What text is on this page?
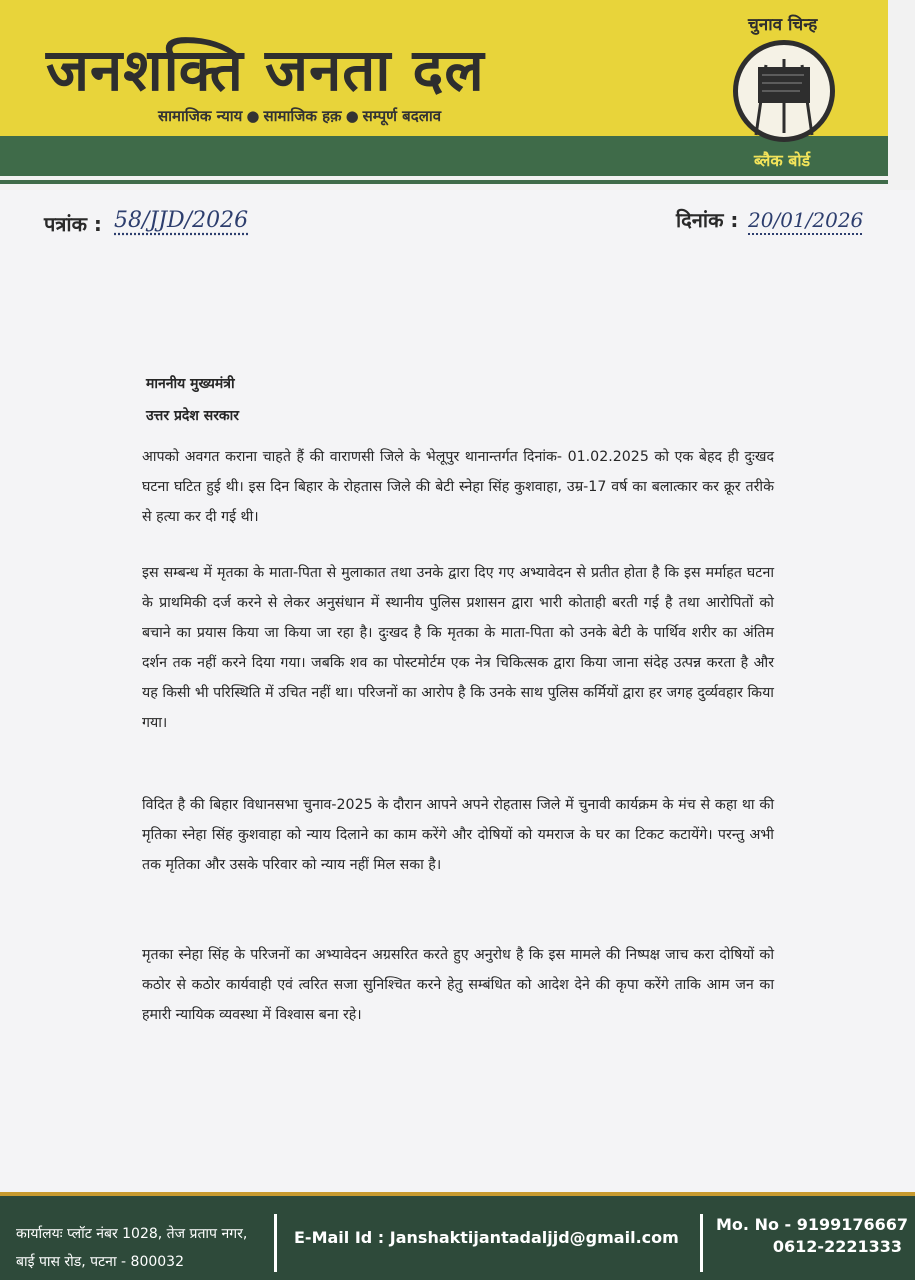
जनशक्ति जनता दल
सामाजिक न्याय ● सामाजिक हक़ ● सम्पूर्ण बदलाव
चुनाव चिन्ह
ब्लैक बोर्ड
पत्रांक : 58/JJD/2026	दिनांक : 20/01/2026
माननीय मुख्यमंत्री
उत्तर प्रदेश सरकार

आपको अवगत कराना चाहते हैं की वाराणसी जिले के भेलूपुर थानान्तर्गत दिनांक- 01.02.2025 को एक बेहद ही दुःखद घटना घटित हुई थी। इस दिन बिहार के रोहतास जिले की बेटी स्नेहा सिंह कुशवाहा, उम्र-17 वर्ष का बलात्कार कर क्रूर तरीके से हत्या कर दी गई थी।

इस सम्बन्ध में मृतका के माता-पिता से मुलाकात तथा उनके द्वारा दिए गए अभ्यावेदन से प्रतीत होता है कि इस मर्माहत घटना के प्राथमिकी दर्ज करने से लेकर अनुसंधान में स्थानीय पुलिस प्रशासन द्वारा भारी कोताही बरती गई है तथा आरोपितों को बचाने का प्रयास किया जा किया जा रहा है। दुःखद है कि मृतका के माता-पिता को उनके बेटी के पार्थिव शरीर का अंतिम दर्शन तक नहीं करने दिया गया। जबकि शव का पोस्टमोर्टम एक नेत्र चिकित्सक द्वारा किया जाना संदेह उत्पन्न करता है और यह किसी भी परिस्थिति में उचित नहीं था। परिजनों का आरोप है कि उनके साथ पुलिस कर्मियों द्वारा हर जगह दुर्व्यवहार किया गया।

विदित है की बिहार विधानसभा चुनाव-2025 के दौरान आपने अपने रोहतास जिले में चुनावी कार्यक्रम के मंच से कहा था की मृतिका स्नेहा सिंह कुशवाहा को न्याय दिलाने का काम करेंगे और दोषियों को यमराज के घर का टिकट कटायेंगे। परन्तु अभी तक मृतिका और उसके परिवार को न्याय नहीं मिल सका है।

मृतका स्नेहा सिंह के परिजनों का अभ्यावेदन अग्रसरित करते हुए अनुरोध है कि इस मामले की निष्पक्ष जाच करा दोषियों को कठोर से कठोर कार्यवाही एवं त्वरित सजा सुनिश्चित करने हेतु सम्बंधित को आदेश देने की कृपा करेंगे ताकि आम जन का हमारी न्यायिक व्यवस्था में विश्वास बना रहे।

कार्यालयः प्लॉट नंबर 1028, तेज प्रताप नगर, बाई पास रोड, पटना - 800032
E-Mail Id : Janshaktijantadaljjd@gmail.com
Mo. No - 9199176667
0612-2221333
